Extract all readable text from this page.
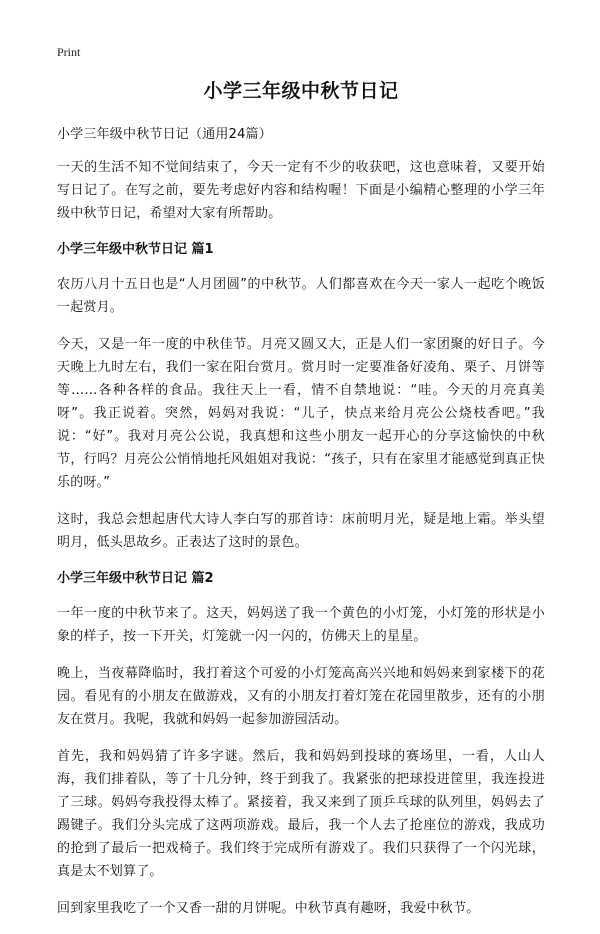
Print
小学三年级中秋节日记

小学三年级中秋节日记（通用24篇）

一天的生活不知不觉间结束了，今天一定有不少的收获吧，这也意味着，又要开始写日记了。在写之前，要先考虑好内容和结构喔！下面是小编精心整理的小学三年级中秋节日记，希望对大家有所帮助。

小学三年级中秋节日记 篇1

农历八月十五日也是“人月团圆”的中秋节。人们都喜欢在今天一家人一起吃个晚饭一起赏月。

今天，又是一年一度的中秋佳节。月亮又圆又大，正是人们一家团聚的好日子。今天晚上九时左右，我们一家在阳台赏月。赏月时一定要准备好凌角、栗子、月饼等等……各种各样的食品。我往天上一看，情不自禁地说：“哇。今天的月亮真美呀”。我正说着。突然，妈妈对我说：“儿子，快点来给月亮公公烧枝香吧。”我说：“好”。我对月亮公公说，我真想和这些小朋友一起开心的分享这愉快的中秋节，行吗？月亮公公悄悄地托风姐姐对我说：“孩子，只有在家里才能感觉到真正快乐的呀。”

这时，我总会想起唐代大诗人李白写的那首诗：床前明月光，疑是地上霜。举头望明月，低头思故乡。正表达了这时的景色。

小学三年级中秋节日记 篇2

一年一度的中秋节来了。这天，妈妈送了我一个黄色的小灯笼，小灯笼的形状是小象的样子，按一下开关，灯笼就一闪一闪的，仿佛天上的星星。

晚上，当夜幕降临时，我打着这个可爱的小灯笼高高兴兴地和妈妈来到家楼下的花园。看见有的小朋友在做游戏，又有的小朋友打着灯笼在花园里散步，还有的小朋友在赏月。我呢，我就和妈妈一起参加游园活动。

首先，我和妈妈猜了许多字谜。然后，我和妈妈到投球的赛场里，一看，人山人海，我们排着队，等了十几分钟，终于到我了。我紧张的把球投进筐里，我连投进了三球。妈妈夸我投得太棒了。紧接着，我又来到了顶乒乓球的队列里，妈妈去了踢键子。我们分头完成了这两项游戏。最后，我一个人去了抢座位的游戏，我成功的抢到了最后一把戏椅子。我们终于完成所有游戏了。我们只获得了一个闪光球，真是太不划算了。

回到家里我吃了一个又香一甜的月饼呢。中秋节真有趣呀，我爱中秋节。
